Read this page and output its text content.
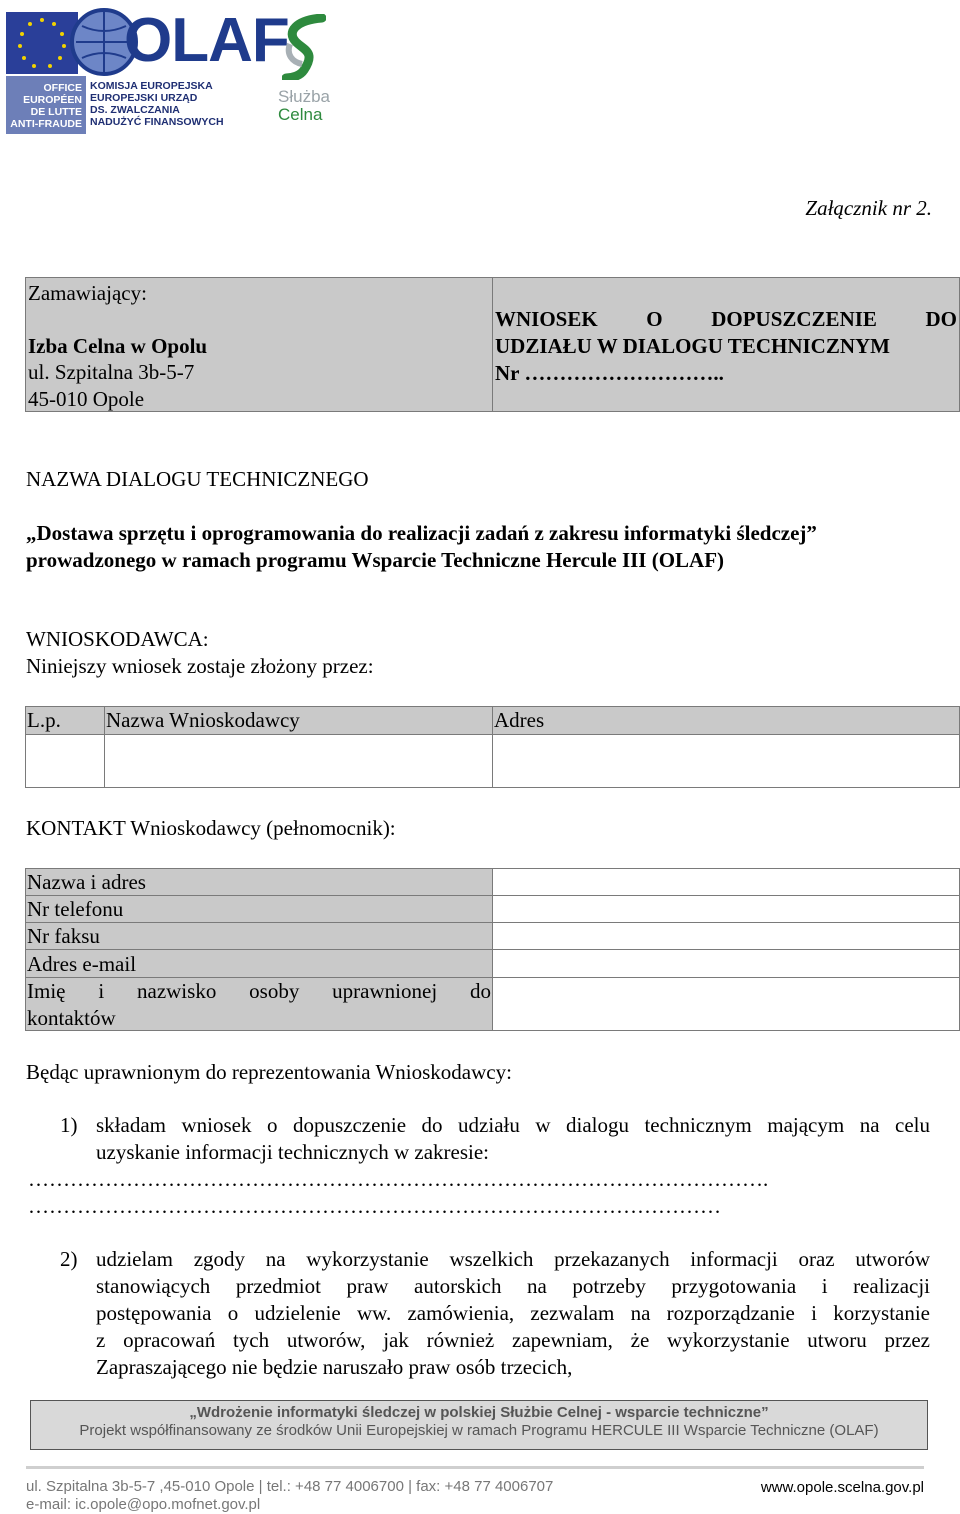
OLAF
OFFICE
EUROPÉEN
DE LUTTE
ANTI-FRAUDE
KOMISJA EUROPEJSKA
EUROPEJSKI URZĄD
DS. ZWALCZANIA
NADUŻYĆ FINANSOWYCH
Służba
Celna
Załącznik nr 2.
Zamawiający:
Izba Celna w Opolu
ul. Szpitalna 3b-5-7
45-010 Opole
WNIOSEK O DOPUSZCZENIE DO
UDZIAŁU W DIALOGU TECHNICZNYM
Nr ………………………..
NAZWA DIALOGU TECHNICZNEGO
„Dostawa sprzętu i oprogramowania do realizacji zadań z zakresu informatyki śledczej”
prowadzonego w ramach programu Wsparcie Techniczne Hercule III (OLAF)
WNIOSKODAWCA:
Niniejszy wniosek zostaje złożony przez:
L.p. Nazwa Wnioskodawcy	Adres
KONTAKT Wnioskodawcy (pełnomocnik):
Nazwa i adres
Nr telefonu
Nr faksu
Adres e-mail
Imię i nazwisko osoby uprawnionej do
kontaktów
Będąc uprawnionym do reprezentowania Wnioskodawcy:
1) składam wniosek o dopuszczenie do udziału w dialogu technicznym mającym na celu
uzyskanie informacji technicznych w zakresie:
…………………………………………………………………………………………….
………………………………………………………………………………………
2) udzielam zgody na wykorzystanie wszelkich przekazanych informacji oraz utworów
stanowiących przedmiot praw autorskich na potrzeby przygotowania i realizacji
postępowania o udzielenie ww. zamówienia, zezwalam na rozporządzanie i korzystanie
z opracowań tych utworów, jak również zapewniam, że wykorzystanie utworu przez
Zapraszającego nie będzie naruszało praw osób trzecich,
„Wdrożenie informatyki śledczej w polskiej Służbie Celnej - wsparcie techniczne”
Projekt współfinansowany ze środków Unii Europejskiej w ramach Programu HERCULE III Wsparcie Techniczne (OLAF)
ul. Szpitalna 3b-5-7 ,45-010 Opole | tel.: +48 77 4006700 | fax: +48 77 4006707
e-mail: ic.opole@opo.mofnet.gov.pl
www.opole.scelna.gov.pl
